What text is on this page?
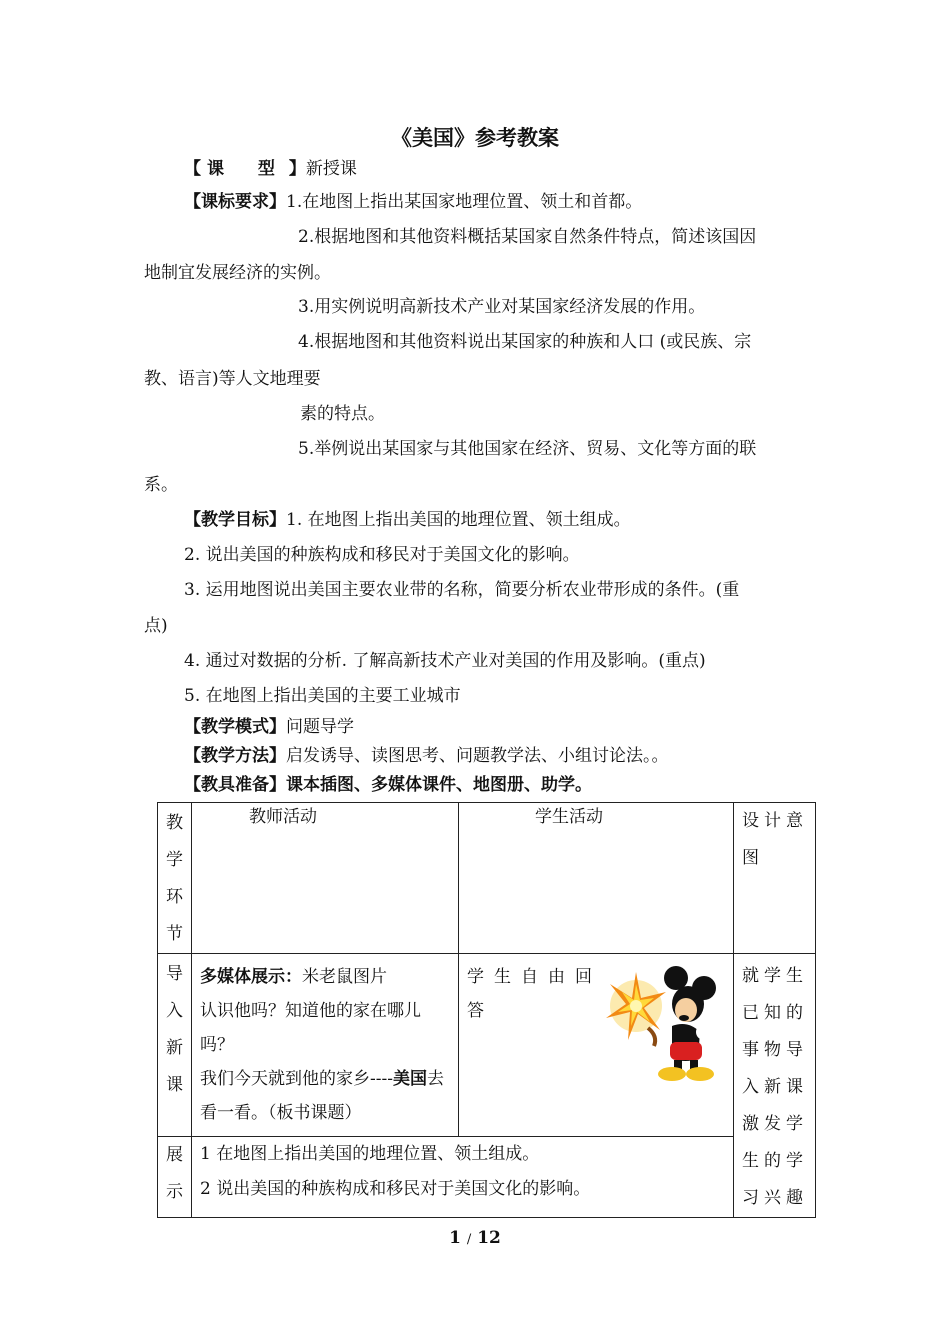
《美国》参考教案
【 课 型】新授课
【课标要求】1.在地图上指出某国家地理位置、领土和首都。
2.根据地图和其他资料概括某国家自然条件特点，简述该国因
地制宜发展经济的实例。
3.用实例说明高新技术产业对某国家经济发展的作用。
4.根据地图和其他资料说出某国家的种族和人口 (或民族、宗
教、语言)等人文地理要
素的特点。
5.举例说出某国家与其他国家在经济、贸易、文化等方面的联
系。
【教学目标】1. 在地图上指出美国的地理位置、领土组成。
2. 说出美国的种族构成和移民对于美国文化的影响。
3. 运用地图说出美国主要农业带的名称，简要分析农业带形成的条件。(重
点)
4. 通过对数据的分析. 了解高新技术产业对美国的作用及影响。(重点)
5. 在地图上指出美国的主要工业城市
【教学模式】问题导学
【教学方法】启发诱导、读图思考、问题教学法、小组讨论法。。
【教具准备】课本插图、多媒体课件、地图册、助学。
教
学
环
节	教师活动	学生活动	设计意图

导
入
新
课	多媒体展示：米老鼠图片
认识他吗？知道他的家在哪儿吗？
我们今天就到他的家乡----美国去看一看。（板书课题）	学生自由回答	就学生已知的事物导入新课激发学生的学习兴趣

展
示	1 在地图上指出美国的地理位置、领土组成。
2 说出美国的种族构成和移民对于美国文化的影响。		
1 / 12
